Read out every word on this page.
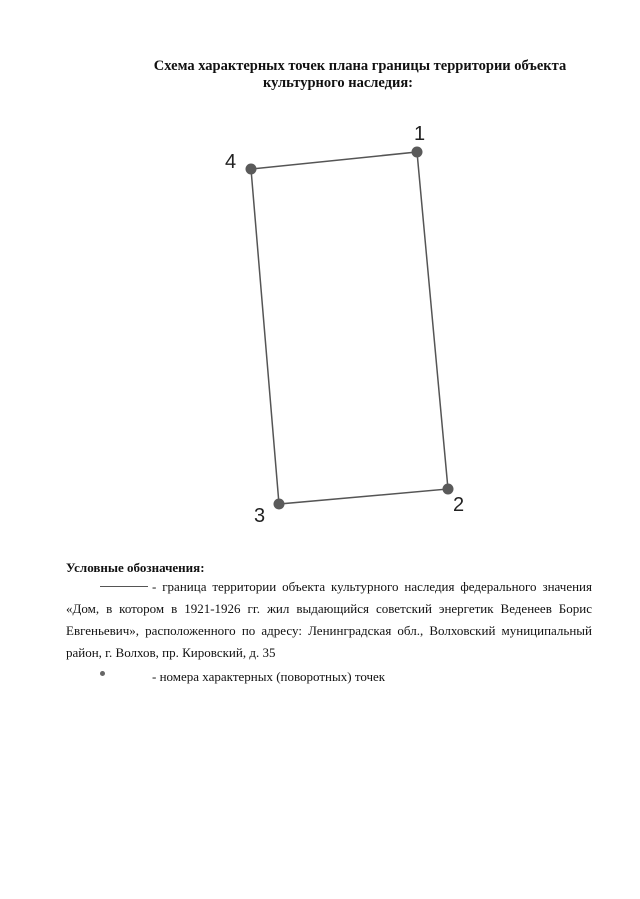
Схема характерных точек плана границы территории объекта
культурного наследия:
1
2
3
4
Условные обозначения:
- граница территории объекта культурного наследия федерального значения
«Дом, в котором в 1921-1926 гг. жил выдающийся советский энергетик Веденеев Борис
Евгеньевич», расположенного по адресу: Ленинградская обл., Волховский муниципальный
район, г. Волхов, пр. Кировский, д. 35
- номера характерных (поворотных) точек
